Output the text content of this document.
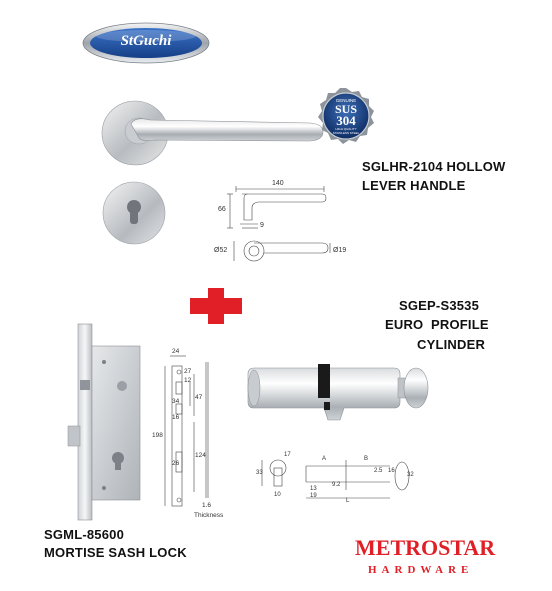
StGuchi
GENUINE
SUS
304
HIGH QUALITY STAINLESS STEEL
SGLHR-2104 HOLLOW
LEVER HANDLE
140
66
9
Ø52	Ø19
SGEP-S3535
EURO  PROFILE
CYLINDER
24
27
12
34
47
16
198
26
124
1.6
Thickness
17
A	B
33	2.5 16
32
9.2
13
19
10
L
SGML-85600
MORTISE SASH LOCK	METROSTAR
HARDWARE
